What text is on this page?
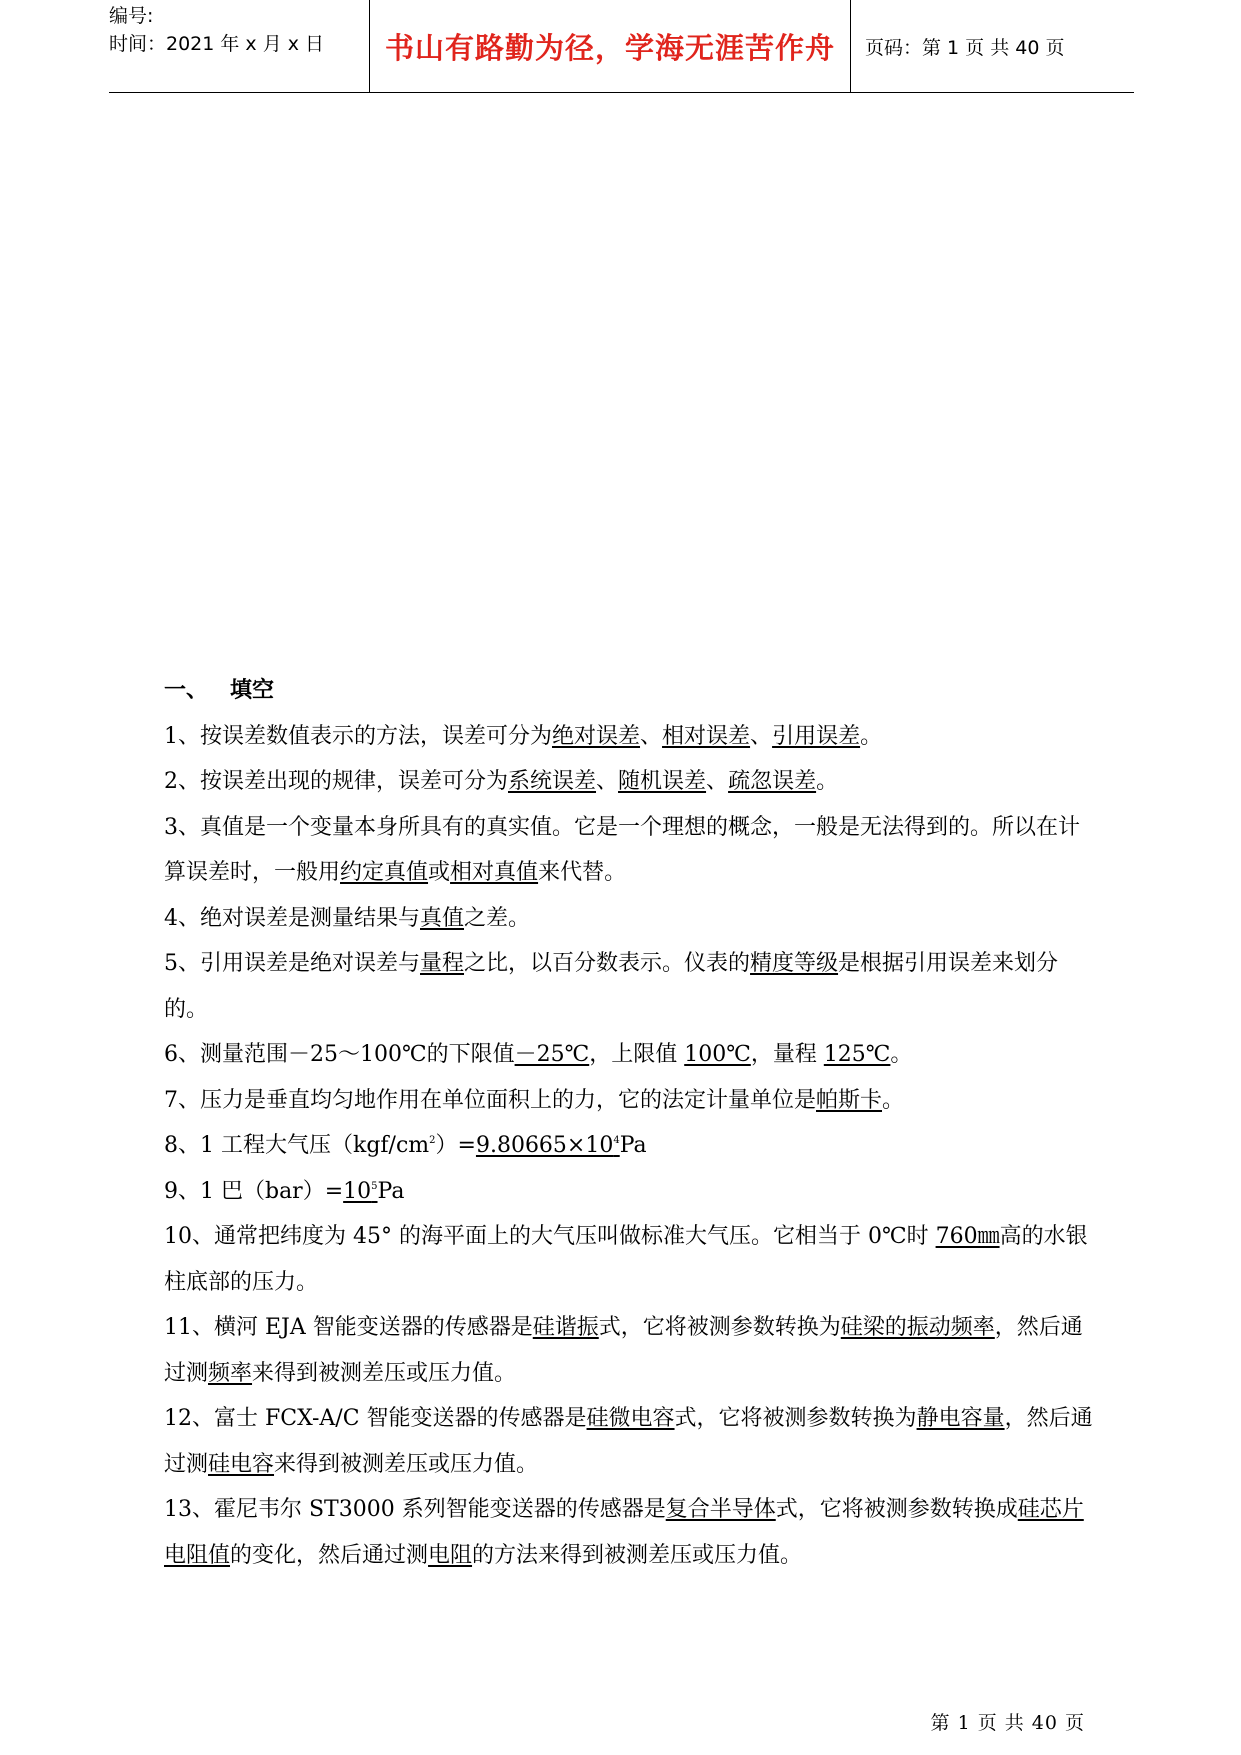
编号:
时间：2021 年 x 月 x 日	书山有路勤为径，学海无涯苦作舟 页码：第 1 页 共 40 页

一、 填空

1、按误差数值表示的方法，误差可分为绝对误差、相对误差、引用误差。

2、按误差出现的规律，误差可分为系统误差、随机误差、疏忽误差。

3、真值是一个变量本身所具有的真实值。它是一个理想的概念，一般是无法得到的。所以在计算误差时，一般用约定真值或相对真值来代替。

4、绝对误差是测量结果与真值之差。

5、引用误差是绝对误差与量程之比，以百分数表示。仪表的精度等级是根据引用误差来划分的。

6、测量范围－25～100℃的下限值－25℃，上限值 100℃，量程 125℃。

7、压力是垂直均匀地作用在单位面积上的力，它的法定计量单位是帕斯卡。

8、1 工程大气压$(kgf/cm^2)=9.80665\times 10^4Pa$

9、1 巴$(bar)=10^5Pa$

10、通常把纬度为 45° 的海平面上的大气压叫做标准大气压。它相当于 0℃时 760㎜高的水银柱底部的压力。

11、横河 EJA 智能变送器的传感器是硅谐振式，它将被测参数转换为硅梁的振动频率，然后通过测频率来得到被测差压或压力值。

12、富士 FCX-A/C 智能变送器的传感器是硅微电容式，它将被测参数转换为静电容量，然后通过测硅电容来得到被测差压或压力值。

13、霍尼韦尔 ST3000 系列智能变送器的传感器是复合半导体式，它将被测参数转换成硅芯片电阻值的变化，然后通过测电阻的方法来得到被测差压或压力值。

第 1 页 共 40 页
